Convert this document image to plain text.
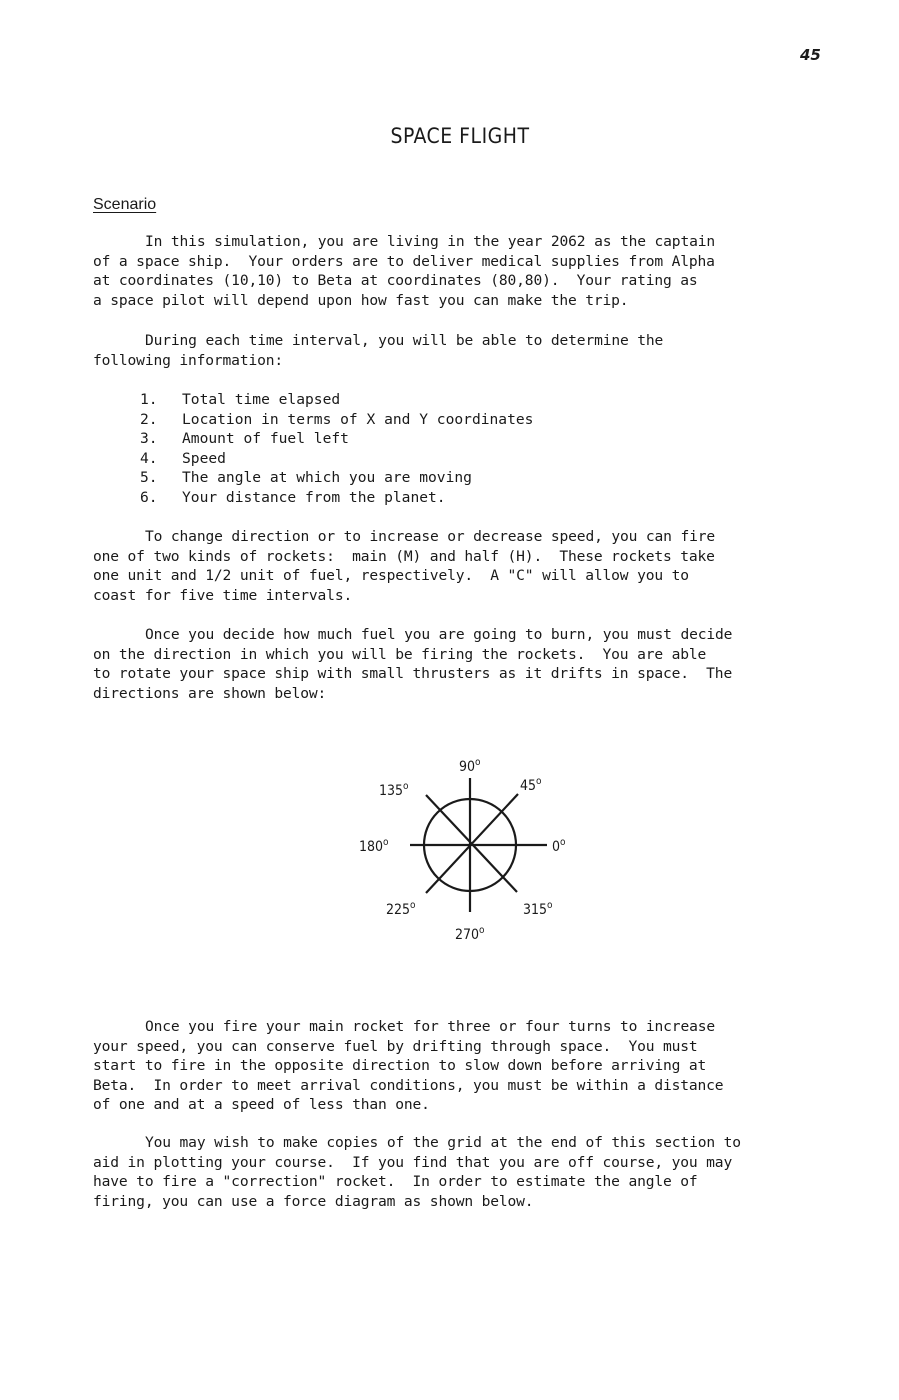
45
SPACE FLIGHT
Scenario
In this simulation, you are living in the year 2062 as the captain
of a space ship.  Your orders are to deliver medical supplies from Alpha
at coordinates (10,10) to Beta at coordinates (80,80).  Your rating as
a space pilot will depend upon how fast you can make the trip.
During each time interval, you will be able to determine the
following information:
1. Total time elapsed
2. Location in terms of X and Y coordinates
3. Amount of fuel left
4. Speed
5. The angle at which you are moving
6. Your distance from the planet.
To change direction or to increase or decrease speed, you can fire
one of two kinds of rockets:  main (M) and half (H).  These rockets take
one unit and 1/2 unit of fuel, respectively.  A "C" will allow you to
coast for five time intervals.
Once you decide how much fuel you are going to burn, you must decide
on the direction in which you will be firing the rockets.  You are able
to rotate your space ship with small thrusters as it drifts in space.  The
directions are shown below:
90$^o$
45$^o$
135$^o$
180$^o$	0$^o$
225$^o$	315$^o$
270$^o$
Once you fire your main rocket for three or four turns to increase
your speed, you can conserve fuel by drifting through space.  You must
start to fire in the opposite direction to slow down before arriving at
Beta.  In order to meet arrival conditions, you must be within a distance
of one and at a speed of less than one.
You may wish to make copies of the grid at the end of this section to
aid in plotting your course.  If you find that you are off course, you may
have to fire a "correction" rocket.  In order to estimate the angle of
firing, you can use a force diagram as shown below.
